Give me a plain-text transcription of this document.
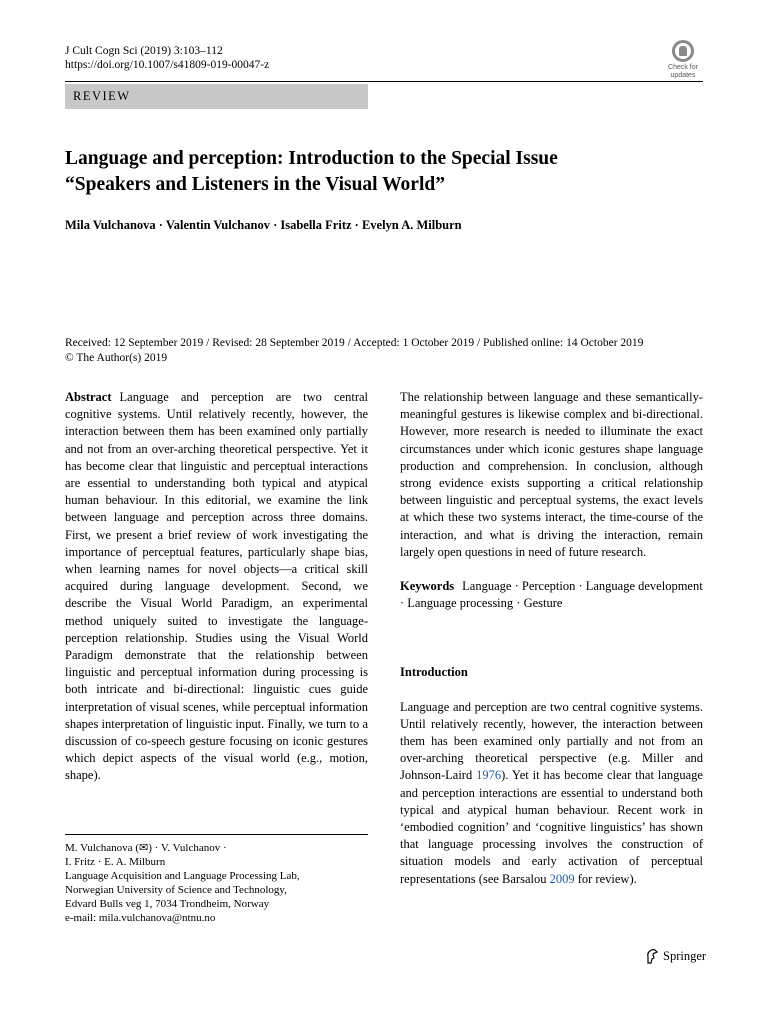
J Cult Cogn Sci (2019) 3:103–112
https://doi.org/10.1007/s41809-019-00047-z	Check for
updates
REVIEW
Language and perception: Introduction to the Special Issue
“Speakers and Listeners in the Visual World”
Mila Vulchanova · Valentin Vulchanov · Isabella Fritz · Evelyn A. Milburn
Received: 12 September 2019 / Revised: 28 September 2019 / Accepted: 1 October 2019 / Published online: 14 October 2019
© The Author(s) 2019

Abstract Language and perception are two central cognitive systems. Until relatively recently, however, the interaction between them has been examined only partially and not from an over-arching theoretical perspective. Yet it has become clear that linguistic and perceptual interactions are essential to understanding both typical and atypical human behaviour. In this editorial, we examine the link between language and perception across three domains. First, we present a brief review of work investigating the importance of perceptual features, particularly shape bias, when learning names for novel objects—a critical skill acquired during language development. Second, we describe the Visual World Paradigm, an experimental method uniquely suited to investigate the language-perception relationship. Studies using the Visual World Paradigm demonstrate that the relationship between linguistic and perceptual information during processing is both intricate and bi-directional: linguistic cues guide interpretation of visual scenes, while perceptual information shapes interpretation of linguistic input. Finally, we turn to a discussion of co-speech gesture focusing on iconic gestures which depict aspects of the visual world (e.g., motion, shape).

The relationship between language and these semantically-meaningful gestures is likewise complex and bi-directional. However, more research is needed to illuminate the exact circumstances under which iconic gestures shape language production and comprehension. In conclusion, although strong evidence exists supporting a critical relationship between linguistic and perceptual systems, the exact levels at which these two systems interact, the time-course of the interaction, and what is driving the interaction, remain largely open questions in need of future research.

Keywords Language · Perception · Language development · Language processing · Gesture

Introduction

Language and perception are two central cognitive systems. Until relatively recently, however, the interaction between them has been examined only partially and not from an over-arching theoretical perspective (e.g. Miller and Johnson-Laird 1976). Yet it has become clear that language and perception interactions are essential to understand both typical and atypical human behaviour. Recent work in ‘embodied cognition’ and ‘cognitive linguistics’ has shown that language processing involves the construction of situation models and early activation of perceptual representations (see Barsalou 2009 for review).

M. Vulchanova (✉) · V. Vulchanov ·
I. Fritz · E. A. Milburn
Language Acquisition and Language Processing Lab,
Norwegian University of Science and Technology,
Edvard Bulls veg 1, 7034 Trondheim, Norway
e-mail: mila.vulchanova@ntnu.no
Springer
